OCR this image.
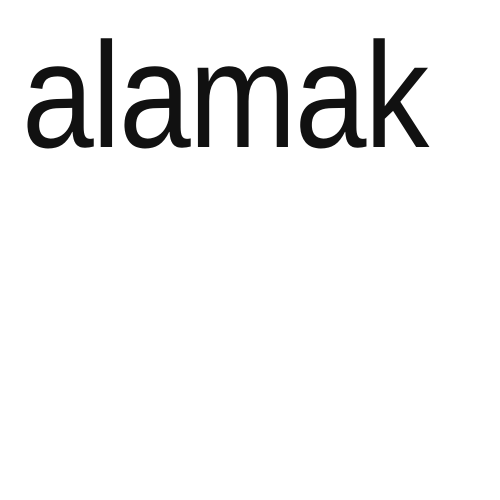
alamak
